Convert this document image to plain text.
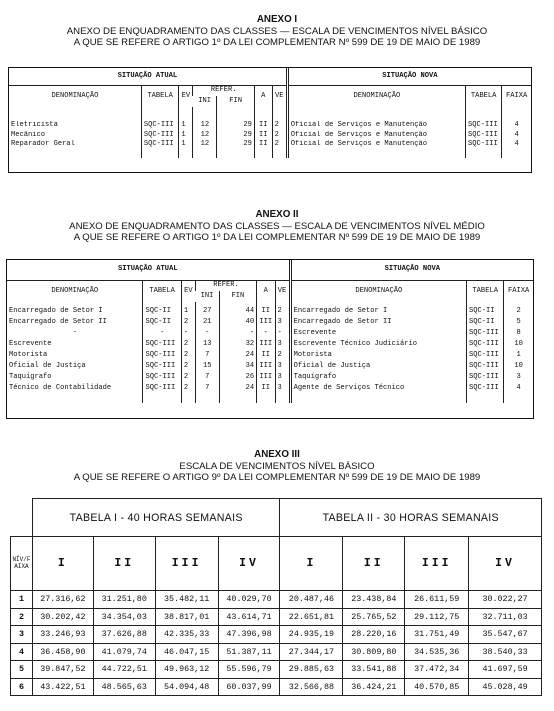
ANEXO I
ANEXO DE ENQUADRAMENTO DAS CLASSES — ESCALA DE VENCIMENTOS NÍVEL BÁSICO
A QUE SE REFERE O ARTIGO 1º DA LEI COMPLEMENTAR Nº 599 DE 19 DE MAIO DE 1989
SITUAÇÃO ATUAL							SITUAÇÃO NOVA		
DENOMINAÇÃO	TABELA	EV	REFER.		A	VE	DENOMINAÇÃO	TABELA	FAIXA
			INI	FIN					

Eletricista	SQC-III	1	12	29	II	2	Oficial de Serviços e Manutenção	SQC-III	4
Mecânico	SQC-III	1	12	29	II	2	Oficial de Serviços e Manutenção	SQC-III	4
Reparador Geral	SQC-III	1	12	29	II	2	Oficial de Serviços e Manutenção	SQC-III	4

ANEXO II
ANEXO DE ENQUADRAMENTO DAS CLASSES — ESCALA DE VENCIMENTOS NÍVEL MÉDIO
A QUE SE REFERE O ARTIGO 1º DA LEI COMPLEMENTAR Nº 599 DE 19 DE MAIO DE 1989
SITUAÇÃO ATUAL							SITUAÇÃO NOVA		
DENOMINAÇÃO	TABELA	EV	REFER.		A	VE	DENOMINAÇÃO	TABELA	FAIXA
			INI	FIN					

Encarregado de Setor I	SQC-II	1	27	44	II	2	Encarregado de Setor I	SQC-II	2
Encarregado de Setor II	SQC-II	2	21	40	III	3	Encarregado de Setor II	SQC-II	5
-	-	-	-	-	-	-	Escrevente	SQC-III	8
Escrevente	SQC-III	2	13	32	III	3	Escrevente Técnico Judiciário	SQC-III	10
Motorista	SQC-III	2	7	24	II	2	Motorista	SQC-III	1
Oficial de Justiça	SQC-III	2	15	34	III	3	Oficial de Justiça	SQC-III	10
Taquígrafo	SQC-III	2	7	26	III	3	Taquígrafo	SQC-III	3
Técnico de Contabilidade	SQC-III	2	7	24	II	3	Agente de Serviços Técnico	SQC-III	4

ANEXO III
ESCALA DE VENCIMENTOS NÍVEL BÁSICO
A QUE SE REFERE O ARTIGO 9º DA LEI COMPLEMENTAR Nº 599 DE 19 DE MAIO DE 1989
	TABELA I - 40 HORAS SEMANAIS				TABELA II - 30 HORAS SEMANAIS			
NÍV/FAIXA	I	II	III	IV	I	II	III	IV
1	27.316,62	31.251,80	35.482,11	40.029,70	20.487,46	23.438,84	26.611,59	30.022,27
2	30.202,42	34.354,03	38.817,01	43.614,71	22.651,81	25.765,52	29.112,75	32.711,03
3	33.246,93	37.626,88	42.335,33	47.396,98	24.935,19	28.220,16	31.751,49	35.547,67
4	36.458,90	41.079,74	46.047,15	51.387,11	27.344,17	30.809,80	34.535,36	38.540,33
5	39.847,52	44.722,51	49.963,12	55.596,79	29.885,63	33.541,88	37.472,34	41.697,59
6	43.422,51	48.565,63	54.094,48	60.037,99	32.566,88	36.424,21	40.570,85	45.028,49
